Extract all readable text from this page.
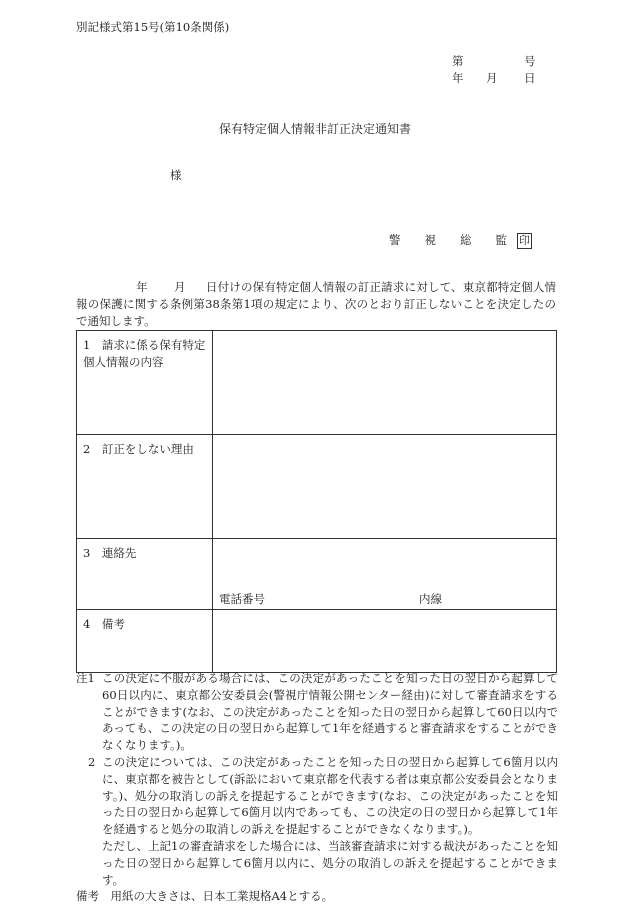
別記様式第15号(第10条関係)
第	号
年 月 日
保有特定個人情報非訂正決定通知書
様
警 視 総 監 印
年 月 日付けの保有特定個人情報の訂正請求に対して、東京都特定個人情報の保護に関する条例第38条第1項の規定により、次のとおり訂正しないことを決定したので通知します。
1　請求に係る保有特定個人情報の内容	
2　訂正をしない理由	
3　連絡先	電話番号 内線

4　備考	
注1 この決定に不服がある場合には、この決定があったことを知った日の翌日から起算して60日以内に、東京都公安委員会(警視庁情報公開センター経由)に対して審査請求をすることができます(なお、この決定があったことを知った日の翌日から起算して60日以内であっても、この決定の日の翌日から起算して1年を経過すると審査請求をすることができなくなります。)。
2 この決定については、この決定があったことを知った日の翌日から起算して6箇月以内に、東京都を被告として(訴訟において東京都を代表する者は東京都公安委員会となります。)、処分の取消しの訴えを提起することができます(なお、この決定があったことを知った日の翌日から起算して6箇月以内であっても、この決定の日の翌日から起算して1年を経過すると処分の取消しの訴えを提起することができなくなります。)。
ただし、上記1の審査請求をした場合には、当該審査請求に対する裁決があったことを知った日の翌日から起算して6箇月以内に、処分の取消しの訴えを提起することができます。
備考　用紙の大きさは、日本工業規格A4とする。
